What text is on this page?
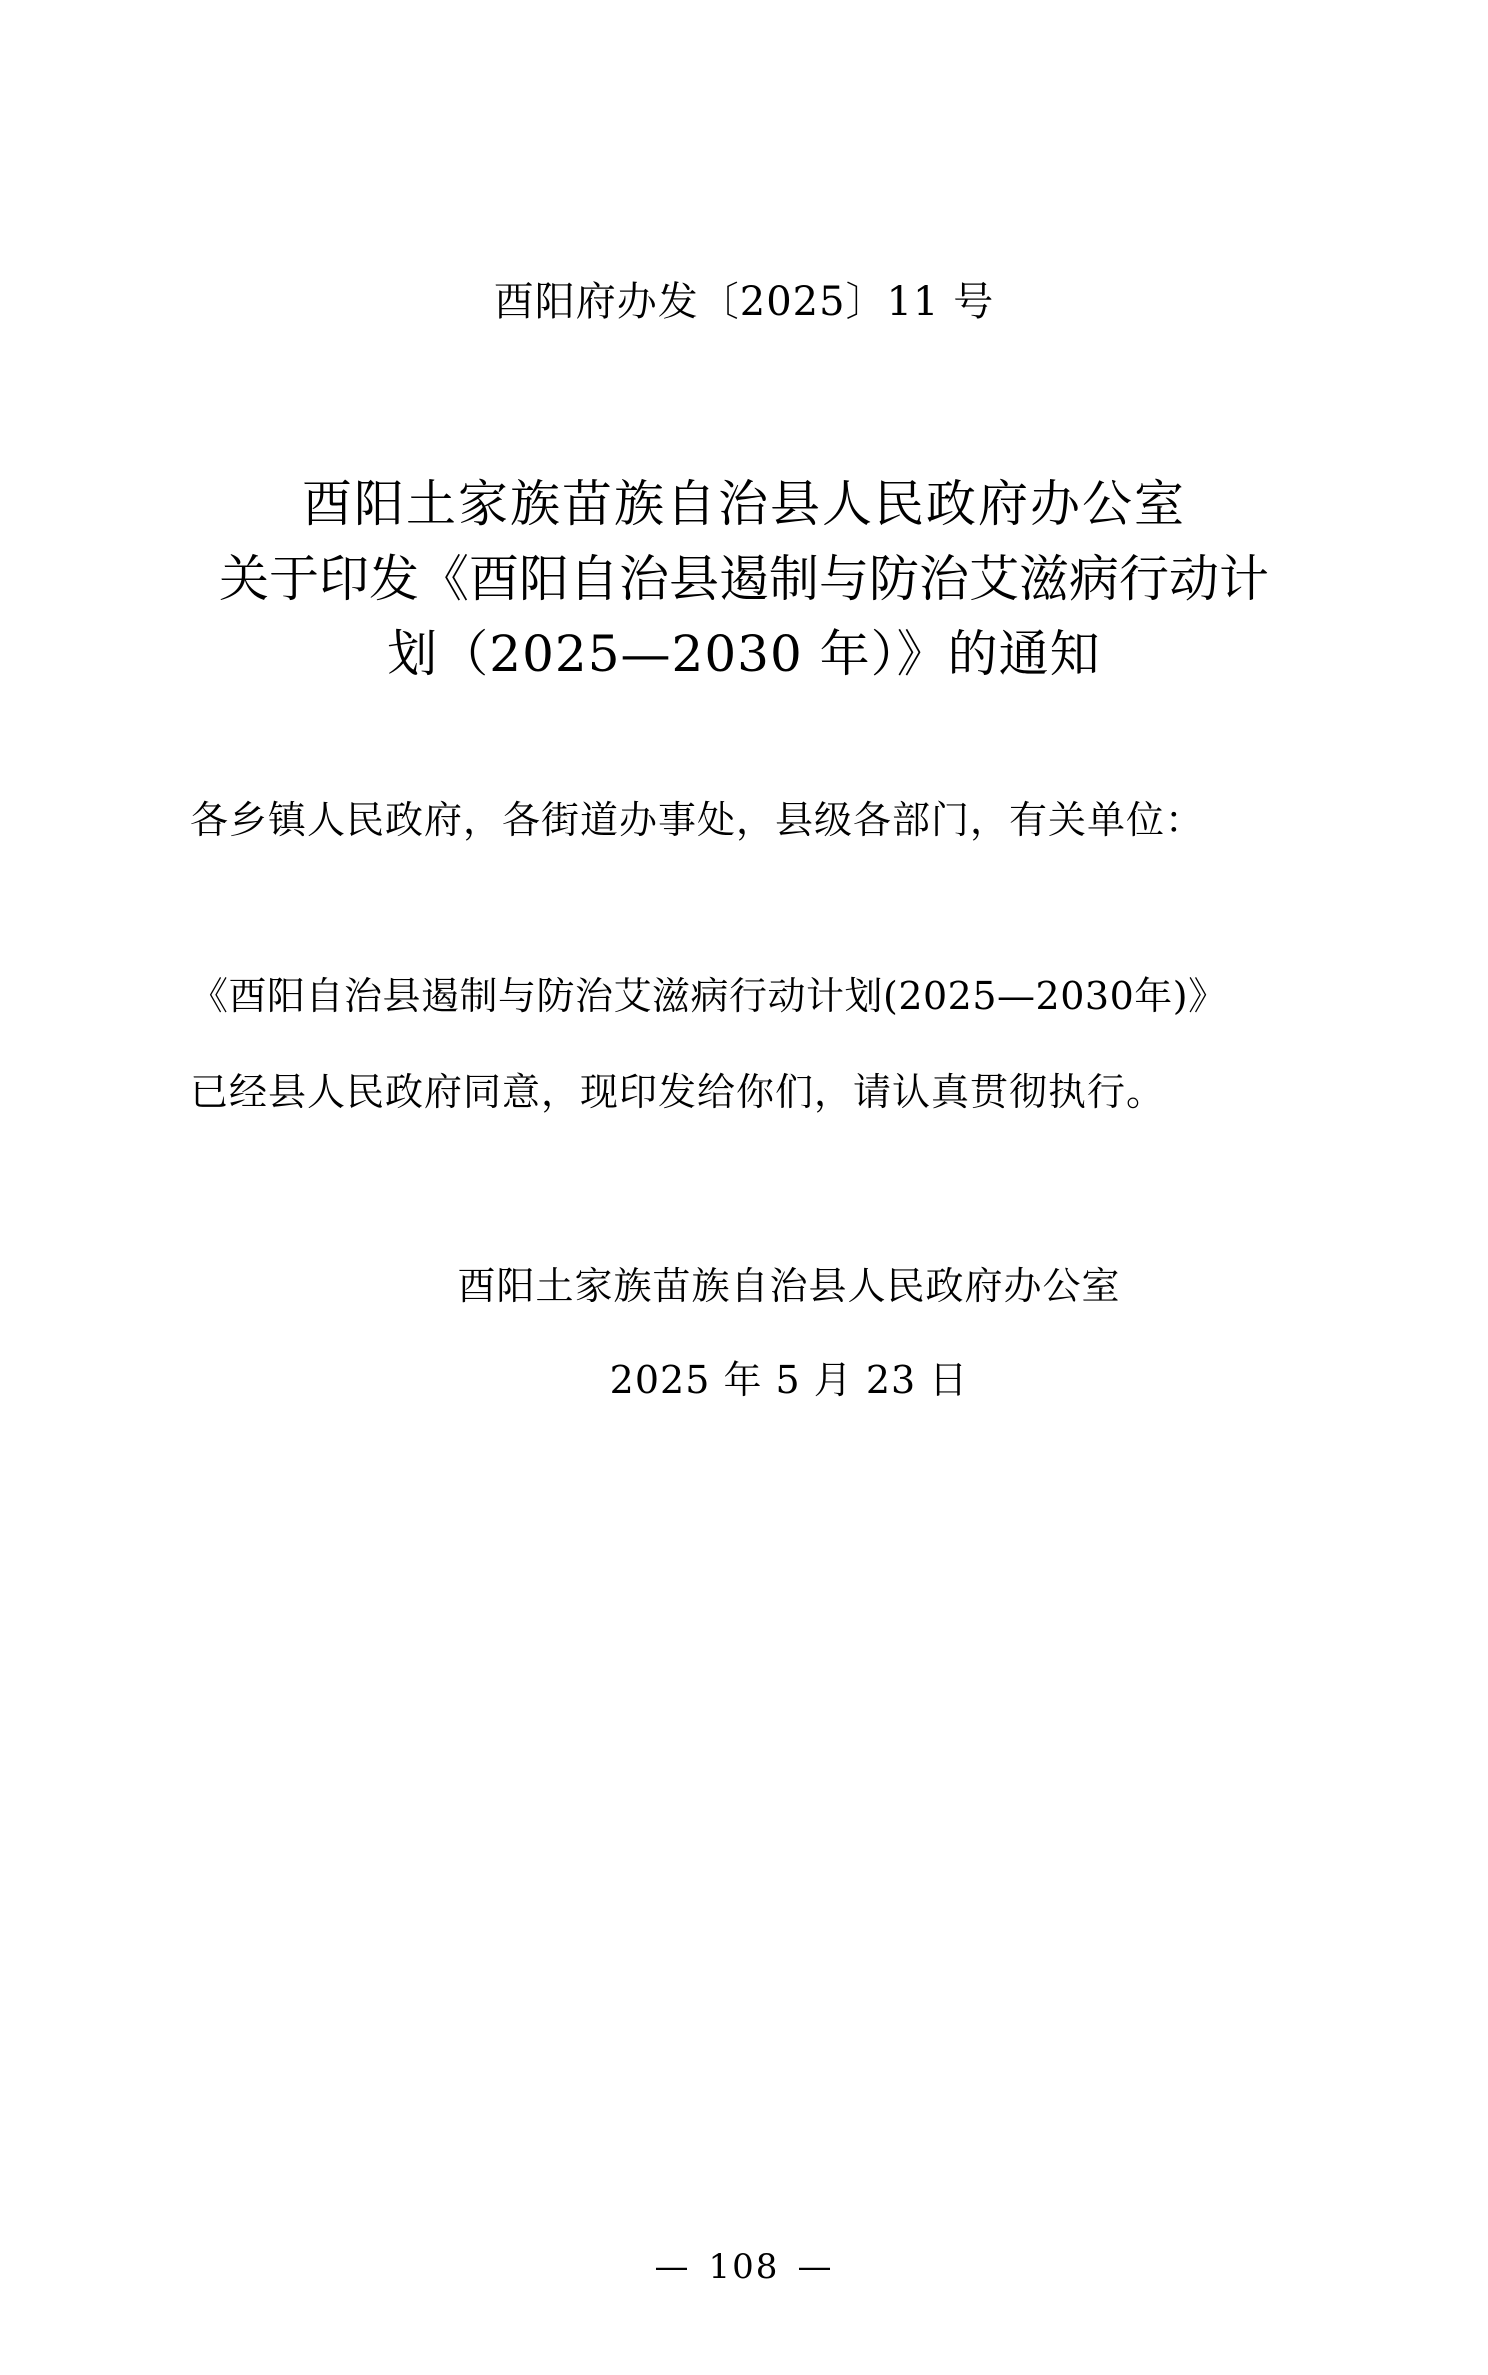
酉阳府办发〔2025〕11 号
酉阳土家族苗族自治县人民政府办公室
关于印发《酉阳自治县遏制与防治艾滋病行动计
划（2025—2030 年）》的通知
各乡镇人民政府，各街道办事处，县级各部门，有关单位：
《酉阳自治县遏制与防治艾滋病行动计划(2025—2030年)》
已经县人民政府同意，现印发给你们，请认真贯彻执行。
酉阳土家族苗族自治县人民政府办公室
2025 年 5 月 23 日
— 108 —
